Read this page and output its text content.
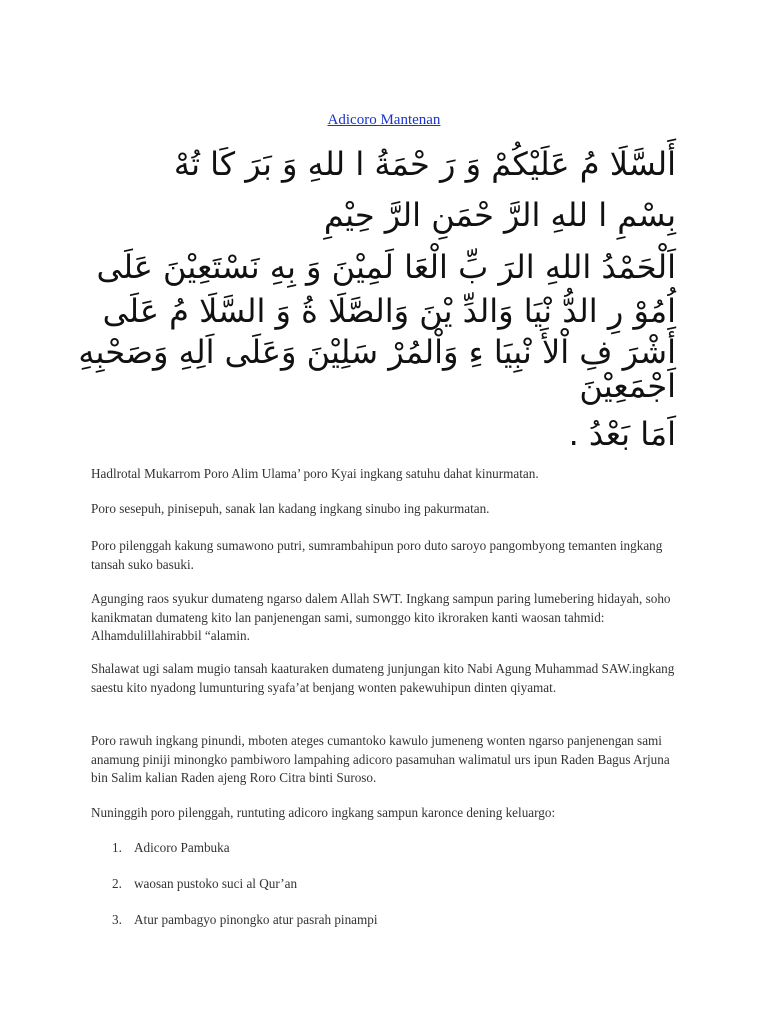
Adicoro Mantenan
أَلسَّلَا مُ عَلَيْكُمْ وَ رَ حْمَةُ ا للهِ وَ بَرَ كَا تُهْ
بِسْمِ ا للهِ الرَّ حْمَنِ الرَّ حِيْمِ
اَلْحَمْدُ اللهِ الرَ بِّ الْعَا لَمِيْنَ وَ بِهِ نَسْتَعِيْنَ عَلَى
اُمُوْ رِ الدُّ نْيَا وَالدِّ يْنَ وَالصَّلَا ةُ وَ السَّلَا مُ عَلَى
أَشْرَ فِ اْلأَ نْبِيَا ءِ وَاْلمُرْ سَلِيْنَ وَعَلَى اَلِهِ وَصَحْبِهِ
اَجْمَعِيْنَ
اَمَا بَعْدُ .
Hadlrotal Mukarrom Poro Alim Ulama’ poro Kyai ingkang satuhu dahat kinurmatan.
Poro sesepuh, pinisepuh, sanak lan kadang ingkang sinubo ing pakurmatan.
Poro pilenggah kakung sumawono putri, sumrambahipun poro duto saroyo pangombyong temanten ingkang tansah suko basuki.
Agunging raos syukur dumateng ngarso dalem Allah SWT. Ingkang sampun paring lumebering hidayah, soho kanikmatan dumateng kito lan panjenengan sami, sumonggo kito ikroraken kanti waosan tahmid: Alhamdulillahirabbil “alamin.
Shalawat ugi salam mugio tansah kaaturaken dumateng junjungan kito Nabi Agung Muhammad SAW.ingkang saestu kito nyadong lumunturing syafa’at benjang wonten pakewuhipun dinten qiyamat.
Poro rawuh ingkang pinundi, mboten ateges cumantoko kawulo jumeneng wonten ngarso panjenengan sami anamung piniji minongko pambiworo lampahing adicoro pasamuhan walimatul urs ipun Raden Bagus Arjuna bin Salim kalian Raden ajeng Roro Citra binti Suroso.
Nuninggih poro pilenggah, runtuting adicoro ingkang sampun karonce dening keluargo:
1. Adicoro Pambuka
2. waosan pustoko suci al Qur’an
3. Atur pambagyo pinongko atur pasrah pinampi
